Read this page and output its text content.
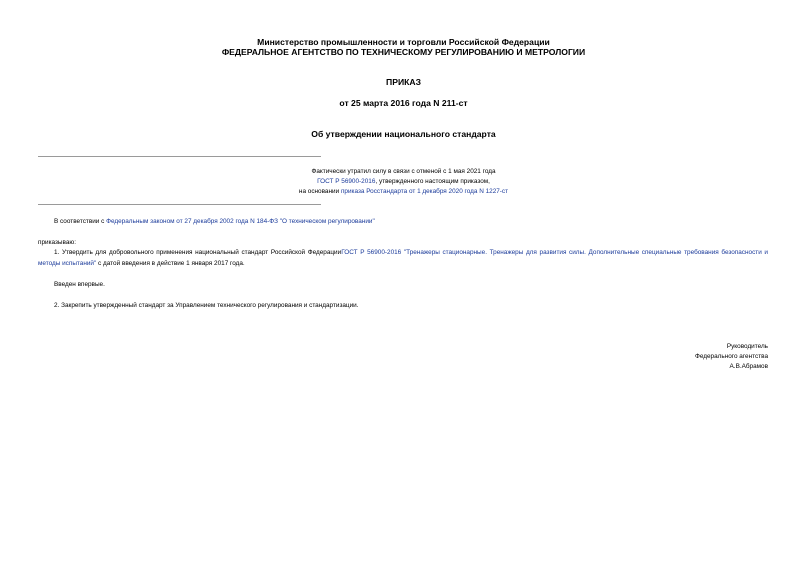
Министерство промышленности и торговли Российской Федерации
ФЕДЕРАЛЬНОЕ АГЕНТСТВО ПО ТЕХНИЧЕСКОМУ РЕГУЛИРОВАНИЮ И МЕТРОЛОГИИ
ПРИКАЗ
от 25 марта 2016 года N 211-ст
Об утверждении национального стандарта
Фактически утратил силу в связи с отменой с 1 мая 2021 года
ГОСТ Р 56900-2016, утвержденного настоящим приказом,
на основании приказа Росстандарта от 1 декабря 2020 года N 1227-ст
В соответствии с Федеральным законом от 27 декабря 2002 года N 184-ФЗ "О техническом регулировании"
приказываю:
1. Утвердить для добровольного применения национальный стандарт Российской ФедерацииГОСТ Р 56900-2016 "Тренажеры стационарные. Тренажеры для развития силы. Дополнительные специальные требования безопасности и методы испытаний" с датой введения в действие 1 января 2017 года.
Введен впервые.
2. Закрепить утвержденный стандарт за Управлением технического регулирования и стандартизации.
Руководитель
Федерального агентства
А.В.Абрамов
